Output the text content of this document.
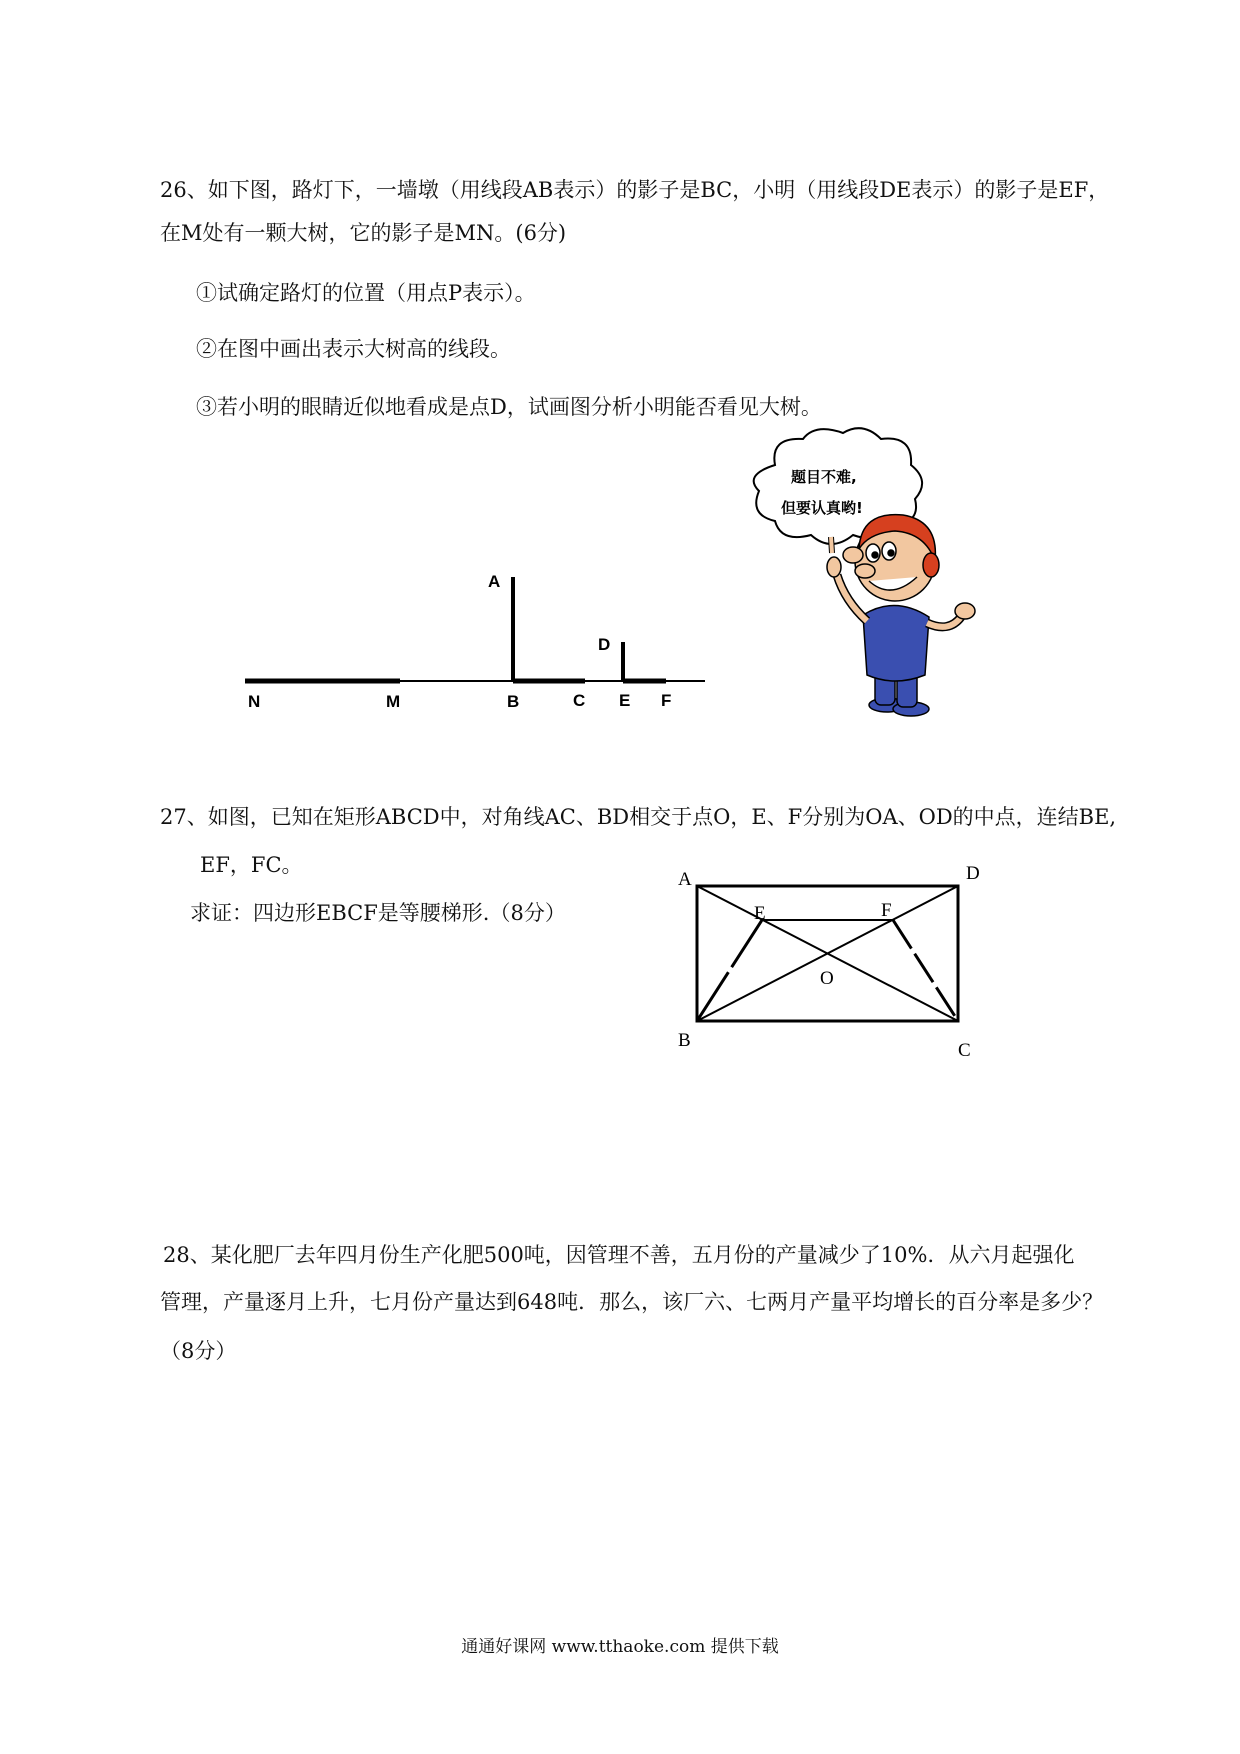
26、如下图，路灯下，一墙墩（用线段AB表示）的影子是BC，小明（用线段DE表示）的影子是EF，
在M处有一颗大树，它的影子是MN。(6分)
①试确定路灯的位置（用点P表示）。
②在图中画出表示大树高的线段。
③若小明的眼睛近似地看成是点D，试画图分析小明能否看见大树。
A
D
N	M	B	C E F
题目不难,
但要认真哟!
27、如图，已知在矩形ABCD中，对角线AC、BD相交于点O，E、F分别为OA、OD的中点，连结BE,
EF，FC。
求证：四边形EBCF是等腰梯形.（8分）
A	D
E	F
O
B	C
28、某化肥厂去年四月份生产化肥500吨，因管理不善，五月份的产量减少了10%．从六月起强化
管理，产量逐月上升，七月份产量达到648吨．那么，该厂六、七两月产量平均增长的百分率是多少？
（8分）
通通好课网 www.tthaoke.com 提供下载
